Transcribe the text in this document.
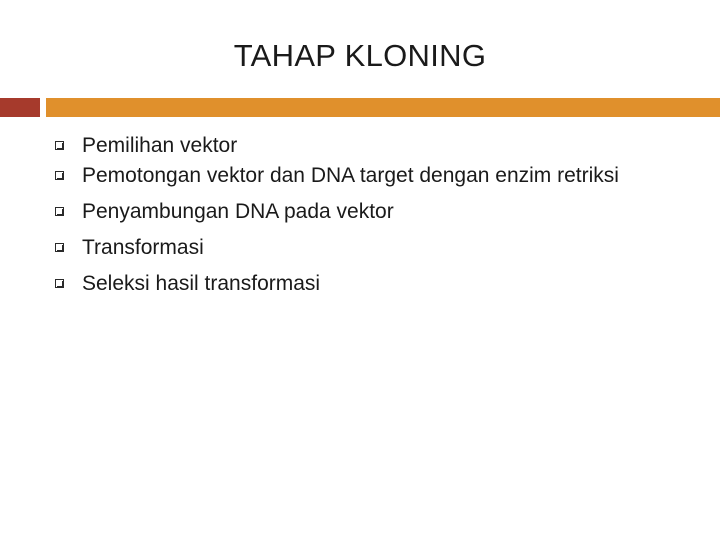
TAHAP KLONING
Pemilihan vektor
Pemotongan vektor dan DNA target dengan enzim retriksi
Penyambungan DNA pada vektor
Transformasi
Seleksi hasil transformasi
